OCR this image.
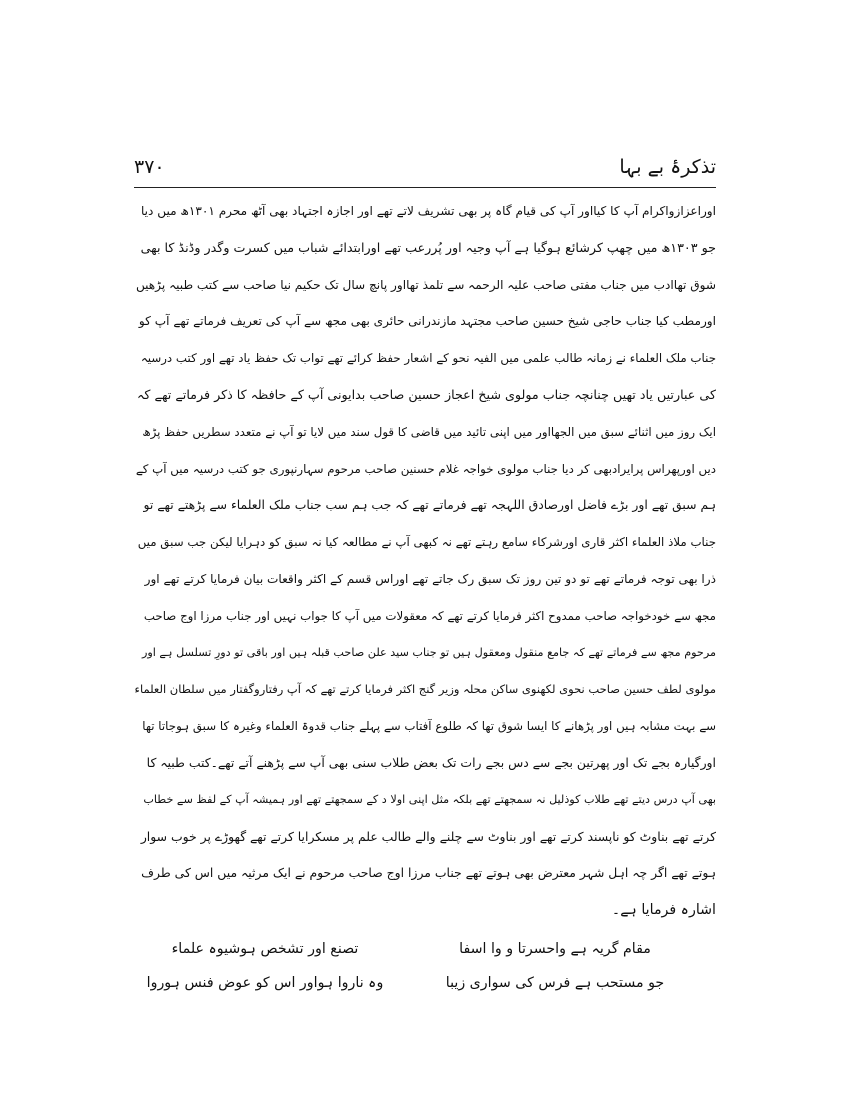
تذکرۂ بے بہا
۳۷۰
اوراعزازواکرام آپ کا کیااور آپ کی قیام گاہ پر بھی تشریف لاتے تھے اور اجازہ اجتہاد بھی آٹھ محرم ۱۳۰۱ھ میں دیا
جو ۱۳۰۳ھ میں چھپ کرشائع ہوگیا ہے آپ وجیہ اور پُررعب تھے اورابتدائے شباب میں کسرت وگدر وڈنڈ کا بھی
شوق تھاادب میں جناب مفتی صاحب علیہ الرحمہ سے تلمذ تھااور پانچ سال تک حکیم نیا صاحب سے کتب طبیہ پڑھیں
اورمطب کیا جناب حاجی شیخ حسین صاحب مجتہد مازندرانی حائری بھی مجھ سے آپ کی تعریف فرماتے تھے آپ کو
جناب ملک العلماء نے زمانہ طالب علمی میں الفیہ نحو کے اشعار حفظ کرائے تھے تواب تک حفظ یاد تھے اور کتب درسیہ
کی عبارتیں یاد تھیں چنانچہ جناب مولوی شیخ اعجاز حسین صاحب بدایونی آپ کے حافظہ کا ذکر فرماتے تھے کہ
ایک روز میں اثنائے سبق میں الجھااور میں اپنی تائید میں قاضی کا قول سند میں لایا تو آپ نے متعدد سطریں حفظ پڑھ
دیں اورپھراس پرایرادبھی کر دیا جناب مولوی خواجہ غلام حسنین صاحب مرحوم سہارنپوری جو کتب درسیہ میں آپ کے
ہم سبق تھے اور بڑے فاضل اورصادق اللہجہ تھے فرماتے تھے کہ جب ہم سب جناب ملک العلماء سے پڑھتے تھے تو
جناب ملاذ العلماء اکثر قاری اورشرکاء سامع رہتے تھے نہ کبھی آپ نے مطالعہ کیا نہ سبق کو دہرایا لیکن جب سبق میں
ذرا بھی توجہ فرماتے تھے تو دو تین روز تک سبق رک جاتے تھے اوراس قسم کے اکثر واقعات بیان فرمایا کرتے تھے اور
مجھ سے خودخواجہ صاحب ممدوح اکثر فرمایا کرتے تھے کہ معقولات میں آپ کا جواب نہیں اور جناب مرزا اوج صاحب
مرحوم مجھ سے فرماتے تھے کہ جامع منقول ومعقول ہیں تو جناب سید علن صاحب قبلہ ہیں اور باقی تو دورِ تسلسل ہے اور
مولوی لطف حسین صاحب نحوی لکھنوی ساکن محلہ وزیر گنج اکثر فرمایا کرتے تھے کہ آپ رفتاروگفتار میں سلطان العلماء
سے بہت مشابہ ہیں اور پڑھانے کا ایسا شوق تھا کہ طلوع آفتاب سے پہلے جناب قدوۃ العلماء وغیرہ کا سبق ہوجاتا تھا
اورگیارہ بجے تک اور پھرتین بجے سے دس بجے رات تک بعض طلاب سنی بھی آپ سے پڑھنے آتے تھے۔کتب طبیہ کا
بھی آپ درس دیتے تھے طلاب کوذلیل نہ سمجھتے تھے بلکہ مثل اپنی اولا د کے سمجھتے تھے اور ہمیشہ آپ کے لفظ سے خطاب
کرتے تھے بناوٹ کو ناپسند کرتے تھے اور بناوٹ سے چلنے والے طالب علم پر مسکرایا کرتے تھے گھوڑے پر خوب سوار
ہوتے تھے اگر چہ اہل شہر معترض بھی ہوتے تھے جناب مرزا اوج صاحب مرحوم نے ایک مرثیہ میں اس کی طرف
اشارہ فرمایا ہے۔
مقام گریہ ہے واحسرتا و وا اسفا
تصنع اور تشخص ہوشیوہ علماء
جو مستحب ہے فرس کی سواری زیبا
وہ ناروا ہواور اس کو عوض فنس ہوروا
